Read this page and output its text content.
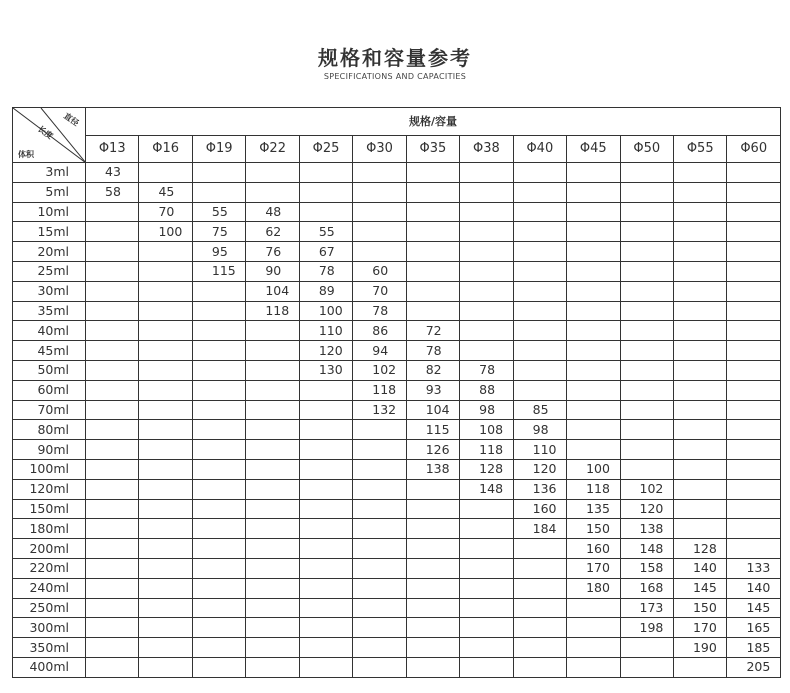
规格和容量参考
SPECIFICATIONS AND CAPACITIES
直径
长度
体积	规格/容量												
	Φ13	Φ16	Φ19	Φ22	Φ25	Φ30	Φ35	Φ38	Φ40	Φ45	Φ50	Φ55	Φ60
3ml	43												
5ml	58	45											
10ml		70	55	48									
15ml		100	75	62	55								
20ml			95	76	67								
25ml			115	90	78	60							
30ml				104	89	70							
35ml				118	100	78							
40ml					110	86	72						
45ml					120	94	78						
50ml					130	102	82	78					
60ml						118	93	88					
70ml						132	104	98	85				
80ml							115	108	98				
90ml							126	118	110				
100ml							138	128	120	100			
120ml								148	136	118	102		
150ml									160	135	120		
180ml									184	150	138		
200ml										160	148	128	
220ml										170	158	140	133
240ml										180	168	145	140
250ml											173	150	145
300ml											198	170	165
350ml												190	185
400ml													205
